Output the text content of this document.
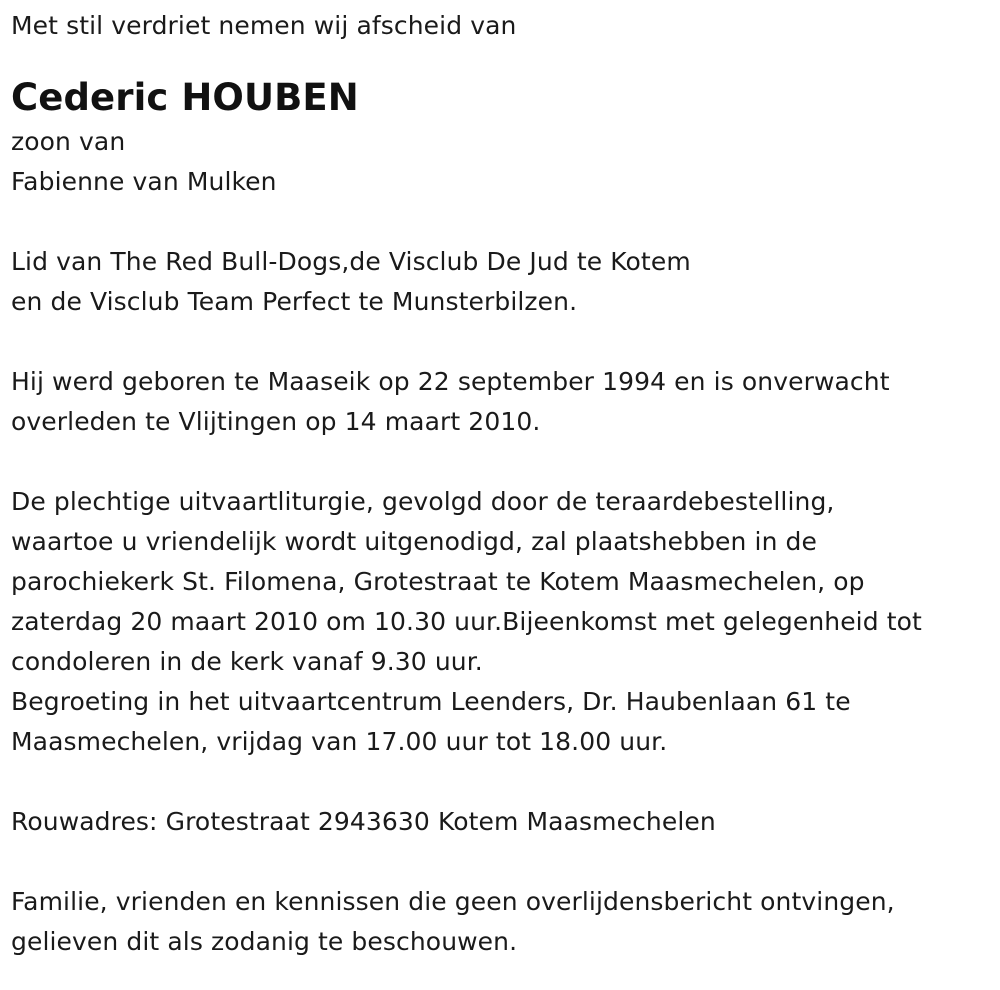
Met stil verdriet nemen wij afscheid van
Cederic HOUBEN
zoon van
Fabienne van Mulken
Lid van The Red Bull-Dogs,de Visclub De Jud te Kotem
en de Visclub Team Perfect te Munsterbilzen.
Hij werd geboren te Maaseik op 22 september 1994 en is onverwacht
overleden te Vlijtingen op 14 maart 2010.
De plechtige uitvaartliturgie, gevolgd door de teraardebestelling,
waartoe u vriendelijk wordt uitgenodigd, zal plaatshebben in de
parochiekerk St. Filomena, Grotestraat te Kotem Maasmechelen, op
zaterdag 20 maart 2010 om 10.30 uur.Bijeenkomst met gelegenheid tot
condoleren in de kerk vanaf 9.30 uur.
Begroeting in het uitvaartcentrum Leenders, Dr. Haubenlaan 61 te
Maasmechelen, vrijdag van 17.00 uur tot 18.00 uur.
Rouwadres: Grotestraat 2943630 Kotem Maasmechelen
Familie, vrienden en kennissen die geen overlijdensbericht ontvingen,
gelieven dit als zodanig te beschouwen.
